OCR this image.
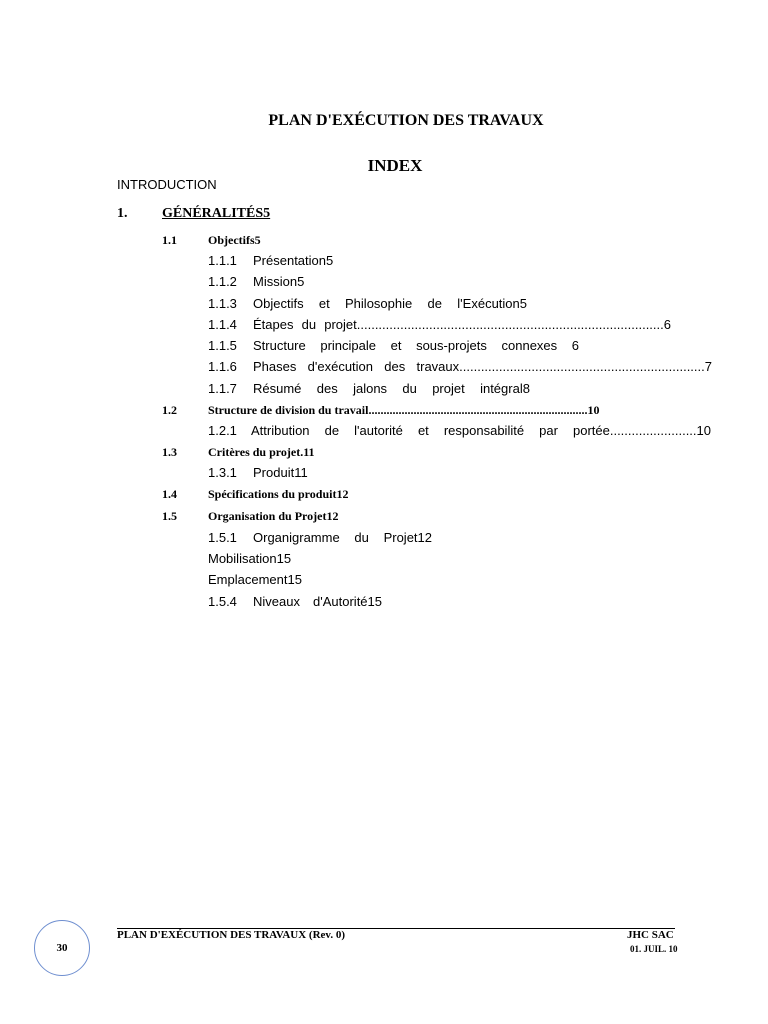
PLAN D'EXÉCUTION DES TRAVAUX
INDEX
INTRODUCTION
1. GÉNÉRALITÉS5
1.1	Objectifs5
1.1.1 Présentation5
1.1.2 Mission5
1.1.3 Objectifs et Philosophie de l'Exécution5
1.1.4 Étapes du projet.....................................................................................6
1.1.5 Structure principale et sous-projets connexes 6
1.1.6 Phases d'exécution des travaux....................................................................7
1.1.7 Résumé des jalons du projet intégral8
1.2	Structure de division du travail.........................................................................10
1.2.1 Attribution de l'autorité et responsabilité par portée........................10
1.3	Critères du projet.11
1.3.1 Produit11
1.4	Spécifications du produit12
1.5	Organisation du Projet12
1.5.1 Organigramme du Projet12
Mobilisation15
Emplacement15
1.5.4 Niveaux d'Autorité15
PLAN D'EXÉCUTION DES TRAVAUX (Rev. 0)	JHC SAC
01. JUIL. 10
30
